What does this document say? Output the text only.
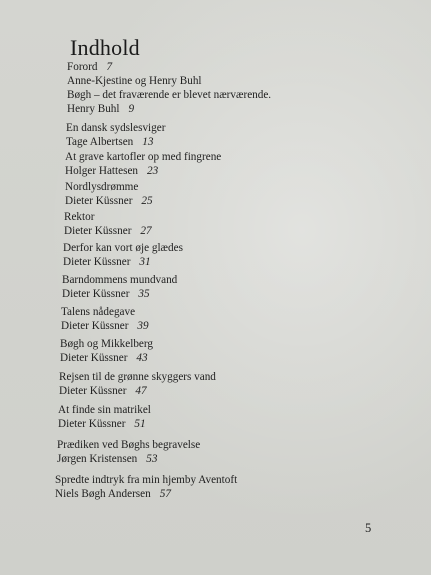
Indhold
Forord 7
Anne-Kjestine og Henry Buhl
Bøgh – det fraværende er blevet nærværende.
Henry Buhl 9
En dansk sydslesviger
Tage Albertsen 13
At grave kartofler op med fingrene
Holger Hattesen 23
Nordlysdrømme
Dieter Küssner 25
Rektor
Dieter Küssner 27
Derfor kan vort øje glædes
Dieter Küssner 31
Barndommens mundvand
Dieter Küssner 35
Talens nådegave
Dieter Küssner 39
Bøgh og Mikkelberg
Dieter Küssner 43
Rejsen til de grønne skyggers vand
Dieter Küssner 47
At finde sin matrikel
Dieter Küssner 51
Prædiken ved Bøghs begravelse
Jørgen Kristensen 53
Spredte indtryk fra min hjemby Aventoft
Niels Bøgh Andersen 57
5
